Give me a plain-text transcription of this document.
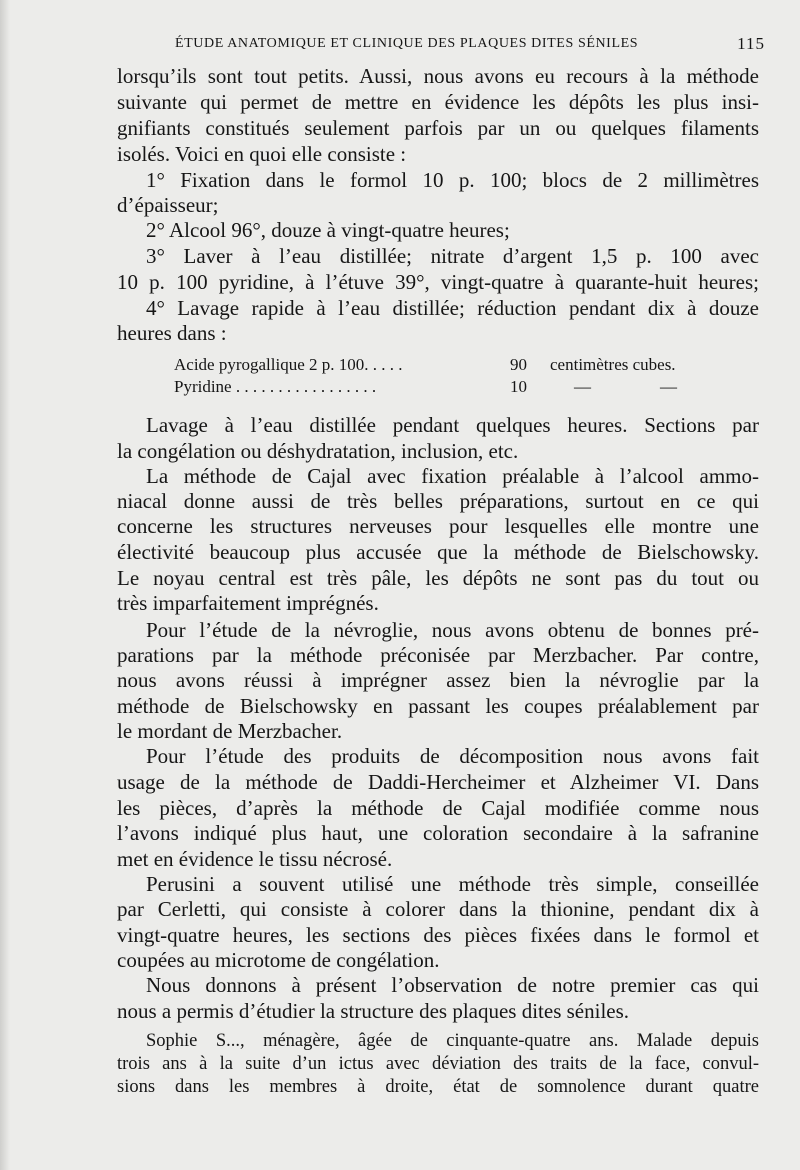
ÉTUDE ANATOMIQUE ET CLINIQUE DES PLAQUES DITES SÉNILES	115
lorsqu’ils sont tout petits. Aussi, nous avons eu recours à la méthode
suivante qui permet de mettre en évidence les dépôts les plus insi-
gnifiants constitués seulement parfois par un ou quelques filaments
isolés. Voici en quoi elle consiste :
1° Fixation dans le formol 10 p. 100; blocs de 2 millimètres
d’épaisseur;
2° Alcool 96°, douze à vingt-quatre heures;
3° Laver à l’eau distillée; nitrate d’argent 1,5 p. 100 avec
10 p. 100 pyridine, à l’étuve 39°, vingt-quatre à quarante-huit heures;
4° Lavage rapide à l’eau distillée; réduction pendant dix à douze
heures dans :
Acide pyrogallique 2 p. 100. . . . .	90 centimètres cubes.
Pyridine . . . . . . . . . . . . . . . . .	10	—	—
Lavage à l’eau distillée pendant quelques heures. Sections par
la congélation ou déshydratation, inclusion, etc.
La méthode de Cajal avec fixation préalable à l’alcool ammo-
niacal donne aussi de très belles préparations, surtout en ce qui
concerne les structures nerveuses pour lesquelles elle montre une
électivité beaucoup plus accusée que la méthode de Bielschowsky.
Le noyau central est très pâle, les dépôts ne sont pas du tout ou
très imparfaitement imprégnés.
Pour l’étude de la névroglie, nous avons obtenu de bonnes pré-
parations par la méthode préconisée par Merzbacher. Par contre,
nous avons réussi à imprégner assez bien la névroglie par la
méthode de Bielschowsky en passant les coupes préalablement par
le mordant de Merzbacher.
Pour l’étude des produits de décomposition nous avons fait
usage de la méthode de Daddi-Hercheimer et Alzheimer VI. Dans
les pièces, d’après la méthode de Cajal modifiée comme nous
l’avons indiqué plus haut, une coloration secondaire à la safranine
met en évidence le tissu nécrosé.
Perusini a souvent utilisé une méthode très simple, conseillée
par Cerletti, qui consiste à colorer dans la thionine, pendant dix à
vingt-quatre heures, les sections des pièces fixées dans le formol et
coupées au microtome de congélation.
Nous donnons à présent l’observation de notre premier cas qui
nous a permis d’étudier la structure des plaques dites séniles.
Sophie S..., ménagère, âgée de cinquante-quatre ans. Malade depuis
trois ans à la suite d’un ictus avec déviation des traits de la face, convul-
sions dans les membres à droite, état de somnolence durant quatre
